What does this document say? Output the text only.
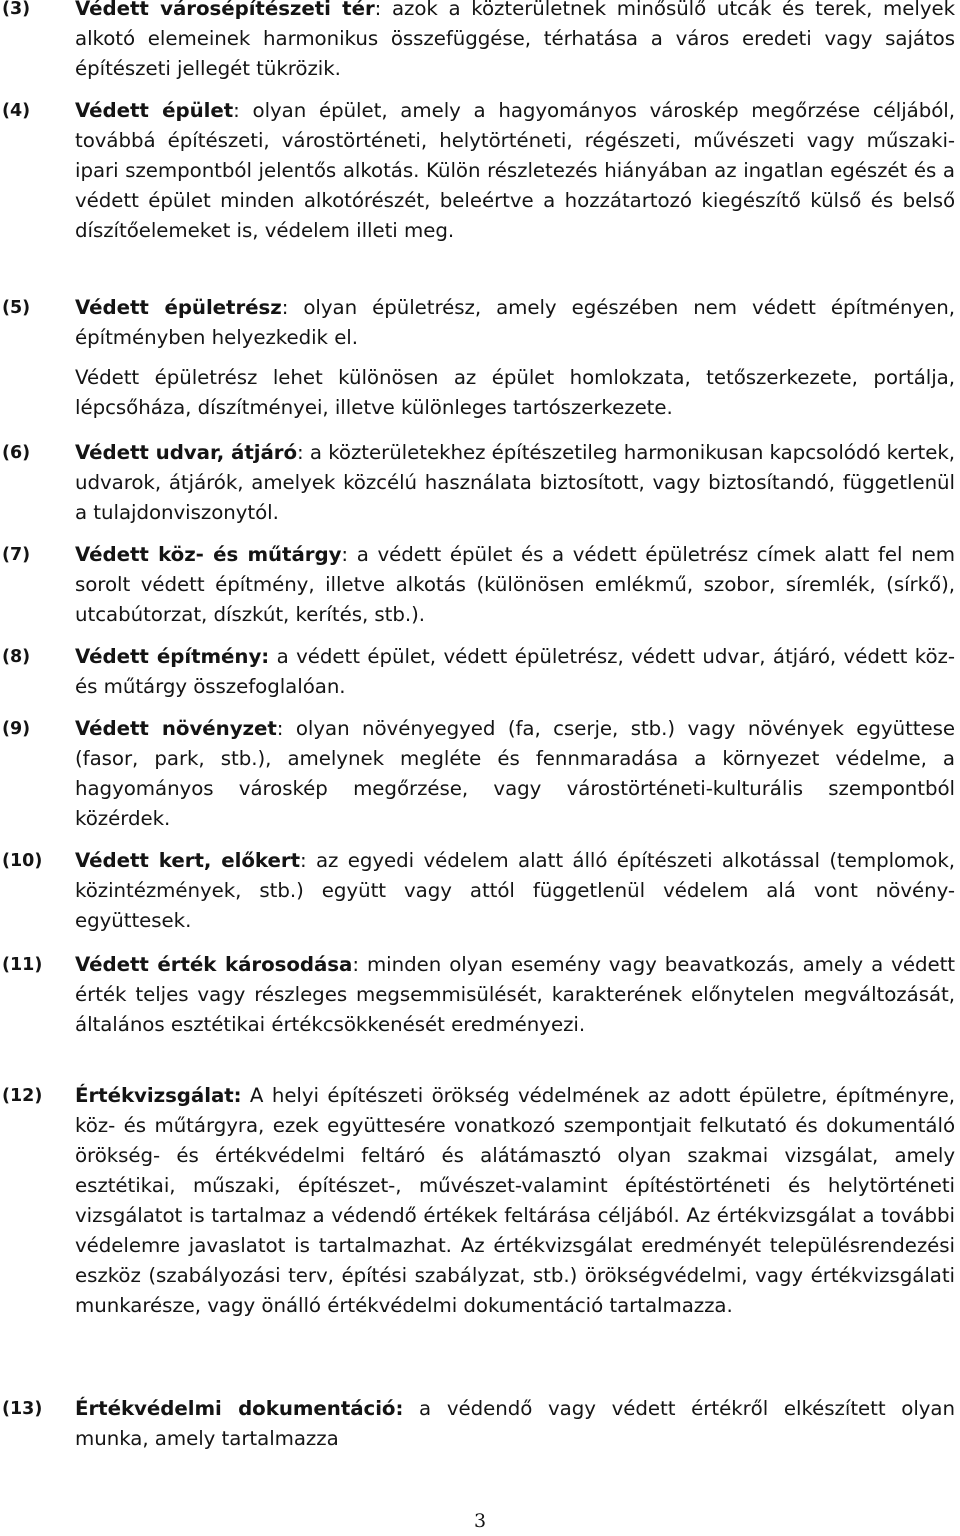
(3)	Védett városépítészeti tér: azok a közterületnek minősülő utcák és terek, melyek alkotó elemeinek harmonikus összefüggése, térhatása a város eredeti vagy sajátos építészeti jellegét tükrözik.

(4)	Védett épület: olyan épület, amely a hagyományos városkép megőrzése céljából, továbbá építészeti, várostörténeti, helytörténeti, régészeti, művészeti vagy műszaki-ipari szempontból jelentős alkotás. Külön részletezés hiányában az ingatlan egészét és a védett épület minden alkotórészét, beleértve a hozzátartozó kiegészítő külső és belső díszítőelemeket is, védelem illeti meg.

(5)	Védett épületrész: olyan épületrész, amely egészében nem védett építményen, építményben helyezkedik el.

Védett épületrész lehet különösen az épület homlokzata, tetőszerkezete, portálja, lépcsőháza, díszítményei, illetve különleges tartószerkezete.

(6)	Védett udvar, átjáró: a közterületekhez építészetileg harmonikusan kapcsolódó kertek, udvarok, átjárók, amelyek közcélú használata biztosított, vagy biztosítandó, függetlenül a tulajdonviszonytól.

(7)	Védett köz- és műtárgy: a védett épület és a védett épületrész címek alatt fel nem sorolt védett építmény, illetve alkotás (különösen emlékmű, szobor, síremlék, (sírkő), utcabútorzat, díszkút, kerítés, stb.).

(8)	Védett építmény: a védett épület, védett épületrész, védett udvar, átjáró, védett köz- és műtárgy összefoglalóan.

(9)	Védett növényzet: olyan növényegyed (fa, cserje, stb.) vagy növények együttese (fasor, park, stb.), amelynek megléte és fennmaradása a környezet védelme, a hagyományos városkép megőrzése, vagy várostörténeti-kulturális szempontból közérdek.

(10)	Védett kert, előkert: az egyedi védelem alatt álló építészeti alkotással (templomok, közintézmények, stb.) együtt vagy attól függetlenül védelem alá vont növény-együttesek.

(11)	Védett érték károsodása: minden olyan esemény vagy beavatkozás, amely a védett érték teljes vagy részleges megsemmisülését, karakterének előnytelen megváltozását, általános esztétikai értékcsökkenését eredményezi.

(12)	Értékvizsgálat: A helyi építészeti örökség védelmének az adott épületre, építményre, köz- és műtárgyra, ezek együttesére vonatkozó szempontjait felkutató és dokumentáló örökség- és értékvédelmi feltáró és alátámasztó olyan szakmai vizsgálat, amely esztétikai, műszaki, építészet-, művészet-valamint építéstörténeti és helytörténeti vizsgálatot is tartalmaz a védendő értékek feltárása céljából. Az értékvizsgálat a további védelemre javaslatot is tartalmazhat. Az értékvizsgálat eredményét településrendezési eszköz (szabályozási terv, építési szabályzat, stb.) örökségvédelmi, vagy értékvizsgálati munkarésze, vagy önálló értékvédelmi dokumentáció tartalmazza.

(13)	Értékvédelmi dokumentáció: a védendő vagy védett értékről elkészített olyan munka, amely tartalmazza

3
